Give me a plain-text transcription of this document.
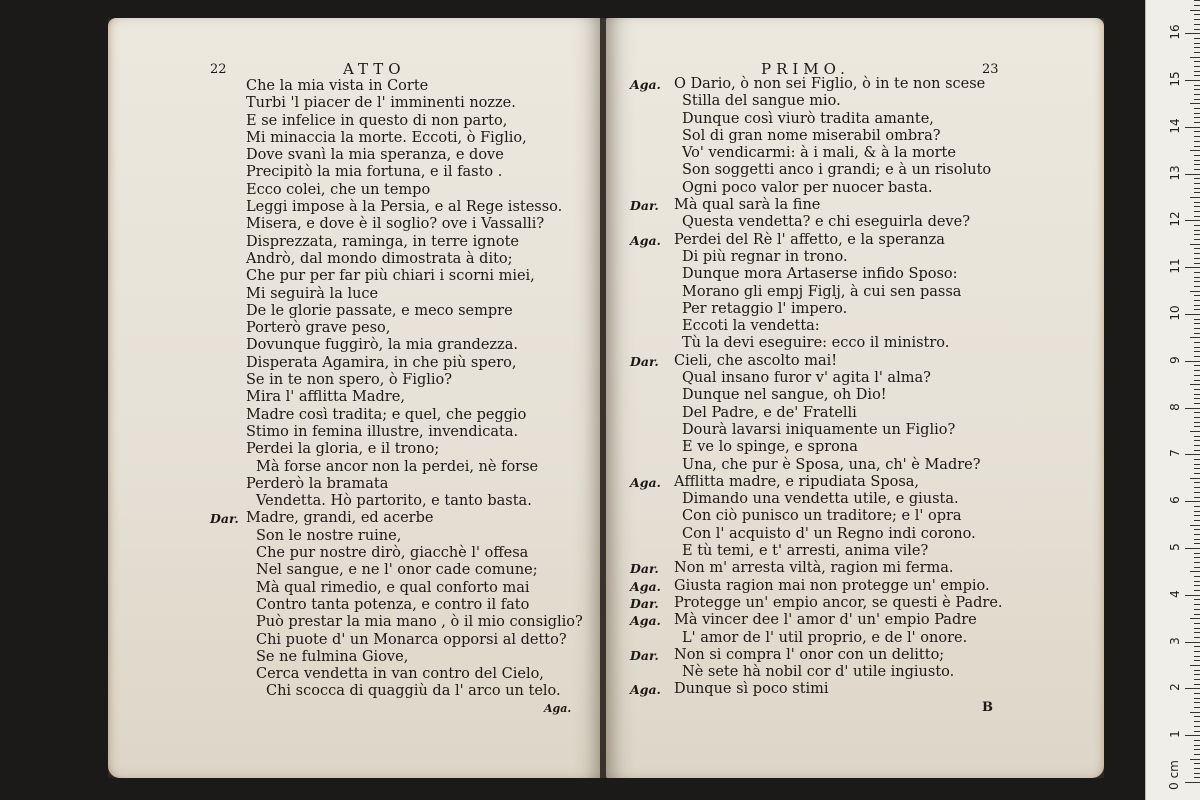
22	ATTO
Che la mia vista in Corte
Turbi 'l piacer de l' imminenti nozze.
E se infelice in questo di non parto,
Mi minaccia la morte. Eccoti, ò Figlio,
Dove svanì la mia speranza, e dove
Precipitò la mia fortuna, e il fasto .
Ecco colei, che un tempo
Leggi impose à la Persia, e al Rege istesso.
Misera, e dove è il soglio? ove i Vassalli?
Disprezzata, raminga, in terre ignote
Andrò, dal mondo dimostrata à dito;
Che pur per far più chiari i scorni miei,
Mi seguirà la luce
De le glorie passate, e meco sempre
Porterò grave peso,
Dovunque fuggirò, la mia grandezza.
Disperata Agamira, in che più spero,
Se in te non spero, ò Figlio?
Mira l' afflitta Madre,
Madre così tradita; e quel, che peggio
Stimo in femina illustre, invendicata.
Perdei la gloria, e il trono;
Mà forse ancor non la perdei, nè forse
Perderò la bramata
Vendetta. Hò partorito, e tanto basta.
Dar. Madre, grandi, ed acerbe
Son le nostre ruine,
Che pur nostre dirò, giacchè l' offesa
Nel sangue, e ne l' onor cade comune;
Mà qual rimedio, e qual conforto mai
Contro tanta potenza, e contro il fato
Può prestar la mia mano , ò il mio consiglio?
Chi puote d' un Monarca opporsi al detto?
Se ne fulmina Giove,
Cerca vendetta in van contro del Cielo,
Chi scocca di quaggiù da l' arco un telo.
Aga.
PRIMO.	23
Aga. O Dario, ò non sei Figlio, ò in te non scese
Stilla del sangue mio.
Dunque così viurò tradita amante,
Sol di gran nome miserabil ombra?
Vo' vendicarmi: à i mali, & à la morte
Son soggetti anco i grandi; e à un risoluto
Ogni poco valor per nuocer basta.
Dar. Mà qual sarà la fine
Questa vendetta? e chi eseguirla deve?
Aga. Perdei del Rè l' affetto, e la speranza
Di più regnar in trono.
Dunque mora Artaserse infido Sposo:
Morano gli empj Figlj, à cui sen passa
Per retaggio l' impero.
Eccoti la vendetta:
Tù la devi eseguire: ecco il ministro.
Dar. Cieli, che ascolto mai!
Qual insano furor v' agita l' alma?
Dunque nel sangue, oh Dio!
Del Padre, e de' Fratelli
Dourà lavarsi iniquamente un Figlio?
E ve lo spinge, e sprona
Una, che pur è Sposa, una, ch' è Madre?
Aga. Afflitta madre, e ripudiata Sposa,
Dimando una vendetta utile, e giusta.
Con ciò punisco un traditore; e l' opra
Con l' acquisto d' un Regno indi corono.
E tù temi, e t' arresti, anima vile?
Dar. Non m' arresta viltà, ragion mi ferma.
Aga. Giusta ragion mai non protegge un' empio.
Dar. Protegge un' empio ancor, se questi è Padre.
Aga. Mà vincer dee l' amor d' un' empio Padre
L' amor de l' util proprio, e de l' onore.
Dar. Non si compra l' onor con un delitto;
Nè sete hà nobil cor d' utile ingiusto.
Aga. Dunque sì poco stimi
B
0 cm
1
2
3
4
5
6
7
8
9
10
11
12
13
14
15
16
